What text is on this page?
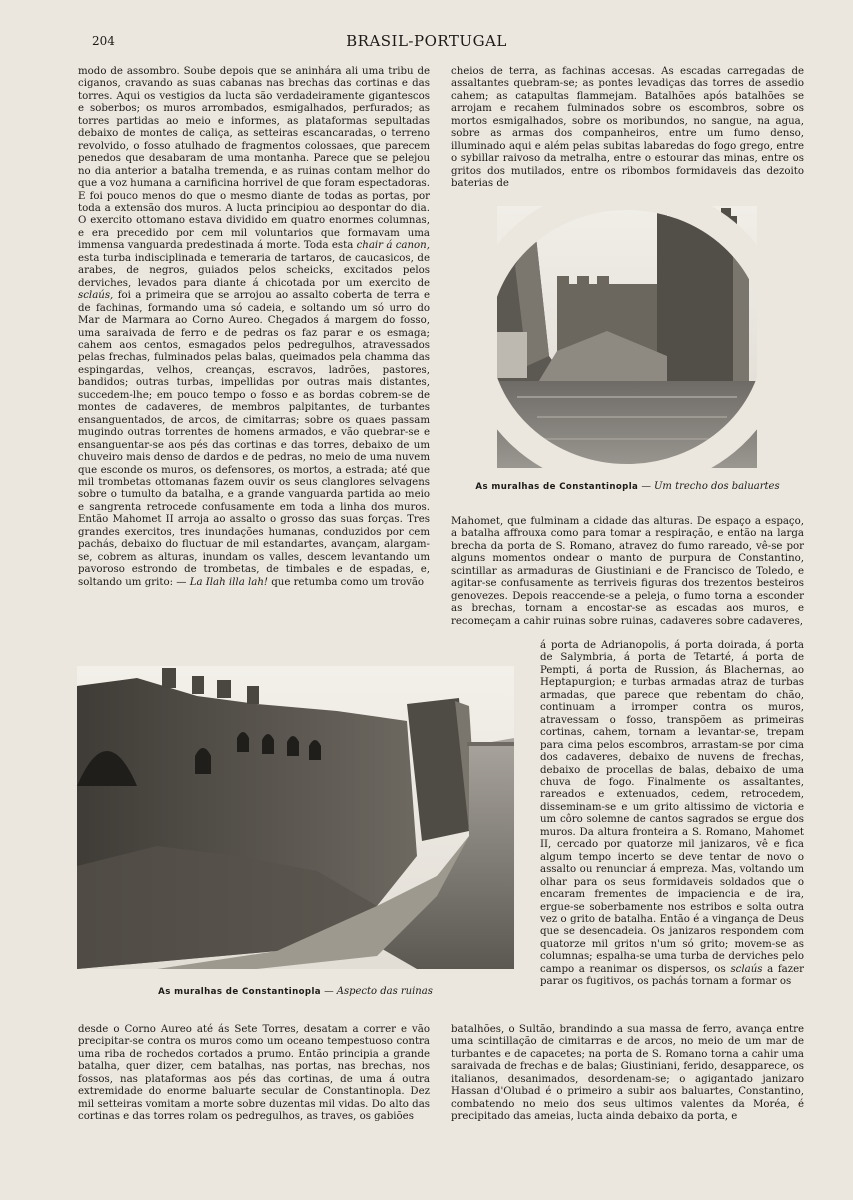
204	BRASIL-PORTUGAL

modo de assombro. Soube depois que se aninhára ali uma tribu de ciganos, cravando as suas cabanas nas brechas das cortinas e das torres. Aqui os vestigios da lucta são verdadeiramente gigantescos e soberbos; os muros arrombados, esmigalhados, perfurados; as torres partidas ao meio e informes, as plataformas sepultadas debaixo de montes de caliça, as setteiras escancaradas, o terreno revolvido, o fosso atulhado de fragmentos colossaes, que parecem penedos que desabaram de uma montanha. Parece que se pelejou no dia anterior a batalha tremenda, e as ruinas contam melhor do que a voz humana a carnificina horrivel de que foram espectadoras. E foi pouco menos do que o mesmo diante de todas as portas, por toda a extensão dos muros. A lucta principiou ao despontar do dia. O exercito ottomano estava dividido em quatro enormes columnas, e era precedido por cem mil voluntarios que formavam uma immensa vanguarda predestinada á morte. Toda esta chair á canon, esta turba indisciplinada e temeraria de tartaros, de caucasicos, de arabes, de negros, guiados pelos scheicks, excitados pelos derviches, levados para diante á chicotada por um exercito de sclaús, foi a primeira que se arrojou ao assalto coberta de terra e de fachinas, formando uma só cadeia, e soltando um só urro do Mar de Marmara ao Corno Aureo. Chegados á margem do fosso, uma saraivada de ferro e de pedras os faz parar e os esmaga; cahem aos centos, esmagados pelos pedregulhos, atravessados pelas frechas, fulminados pelas balas, queimados pela chamma das espingardas, velhos, creanças, escravos, ladrões, pastores, bandidos; outras turbas, impellidas por outras mais distantes, succedem-lhe; em pouco tempo o fosso e as bordas cobrem-se de montes de cadaveres, de membros palpitantes, de turbantes ensanguentados, de arcos, de cimitarras; sobre os quaes passam mugindo outras torrentes de homens armados, e vão quebrar-se e ensanguentar-se aos pés das cortinas e das torres, debaixo de um chuveiro mais denso de dardos e de pedras, no meio de uma nuvem que esconde os muros, os defensores, os mortos, a estrada; até que mil trombetas ottomanas fazem ouvir os seus clanglores selvagens sobre o tumulto da batalha, e a grande vanguarda partida ao meio e sangrenta retrocede confusamente em toda a linha dos muros. Então Mahomet II arroja ao assalto o grosso das suas forças. Tres grandes exercitos, tres inundações humanas, conduzidos por cem pachás, debaixo do fluctuar de mil estandartes, avançam, alargam-se, cobrem as alturas, inundam os valles, descem levantando um pavoroso estrondo de trombetas, de timbales e de espadas, e, soltando um grito: — La Ilah illa lah! que retumba como um trovão

cheios de terra, as fachinas accesas. As escadas carregadas de assaltantes quebram-se; as pontes levadiças das torres de assedio cahem; as catapultas flammejam. Batalhões após batalhões se arrojam e recahem fulminados sobre os escombros, sobre os mortos esmigalhados, sobre os moribundos, no sangue, na agua, sobre as armas dos companheiros, entre um fumo denso, illuminado aqui e além pelas subitas labaredas do fogo grego, entre o sybillar raivoso da metralha, entre o estourar das minas, entre os gritos dos mutilados, entre os ribombos formidaveis das dezoito baterias de

As muralhas de Constantinopla — Um trecho dos baluartes

Mahomet, que fulminam a cidade das alturas. De espaço a espaço, a batalha affrouxa como para tomar a respiração, e então na larga brecha da porta de S. Romano, atravez do fumo rareado, vê-se por alguns momentos ondear o manto de purpura de Constantino, scintillar as armaduras de Giustiniani e de Francisco de Toledo, e agitar-se confusamente as terriveis figuras dos trezentos besteiros genovezes. Depois reaccende-se a peleja, o fumo torna a esconder as brechas, tornam a encostar-se as escadas aos muros, e recomeçam a cahir ruinas sobre ruinas, cadaveres sobre cadaveres,

á porta de Adrianopolis, á porta doirada, á porta de Salymbria, á porta de Tetarté, á porta de Pempti, á porta de Russion, ás Blachernas, ao Heptapurgion; e turbas armadas atraz de turbas armadas, que parece que rebentam do chão, continuam a irromper contra os muros, atravessam o fosso, transpõem as primeiras cortinas, cahem, tornam a levantar-se, trepam para cima pelos escombros, arrastam-se por cima dos cadaveres, debaixo de nuvens de frechas, debaixo de procellas de balas, debaixo de uma chuva de fogo. Finalmente os assaltantes, rareados e extenuados, cedem, retrocedem, disseminam-se e um grito altissimo de victoria e um côro solemne de cantos sagrados se ergue dos muros. Da altura fronteira a S. Romano, Mahomet II, cercado por quatorze mil janizaros, vê e fica algum tempo incerto se deve tentar de novo o assalto ou renunciar á empreza. Mas, voltando um olhar para os seus formidaveis soldados que o encaram frementes de impaciencia e de ira, ergue-se soberbamente nos estribos e solta outra vez o grito de batalha. Então é a vingança de Deus que se desencadeia. Os janizaros respondem com quatorze mil gritos n'um só grito; movem-se as columnas; espalha-se uma turba de derviches pelo campo a reanimar os dispersos, os sclaús a fazer parar os fugitivos, os pachás tornam a formar os

batalhões, o Sultão, brandindo a sua massa de ferro, avança entre uma scintillação de cimitarras e de arcos, no meio de um mar de turbantes e de capacetes; na porta de S. Romano torna a cahir uma saraivada de frechas e de balas; Giustiniani, ferido, desapparece, os italianos, desanimados, desordenam-se; o agigantado janizaro Hassan d'Olubad é o primeiro a subir aos baluartes, Constantino, combatendo no meio dos seus ultimos valentes da Moréa, é precipitado das ameias, lucta ainda debaixo da porta, e

As muralhas de Constantinopla — Aspecto das ruinas

desde o Corno Aureo até ás Sete Torres, desatam a correr e vão precipitar-se contra os muros como um oceano tempestuoso contra uma riba de rochedos cortados a prumo. Então principia a grande batalha, quer dizer, cem batalhas, nas portas, nas brechas, nos fossos, nas plataformas aos pés das cortinas, de uma á outra extremidade do enorme baluarte secular de Constantinopla. Dez mil setteiras vomitam a morte sobre duzentas mil vidas. Do alto das cortinas e das torres rolam os pedregulhos, as traves, os gabiões
